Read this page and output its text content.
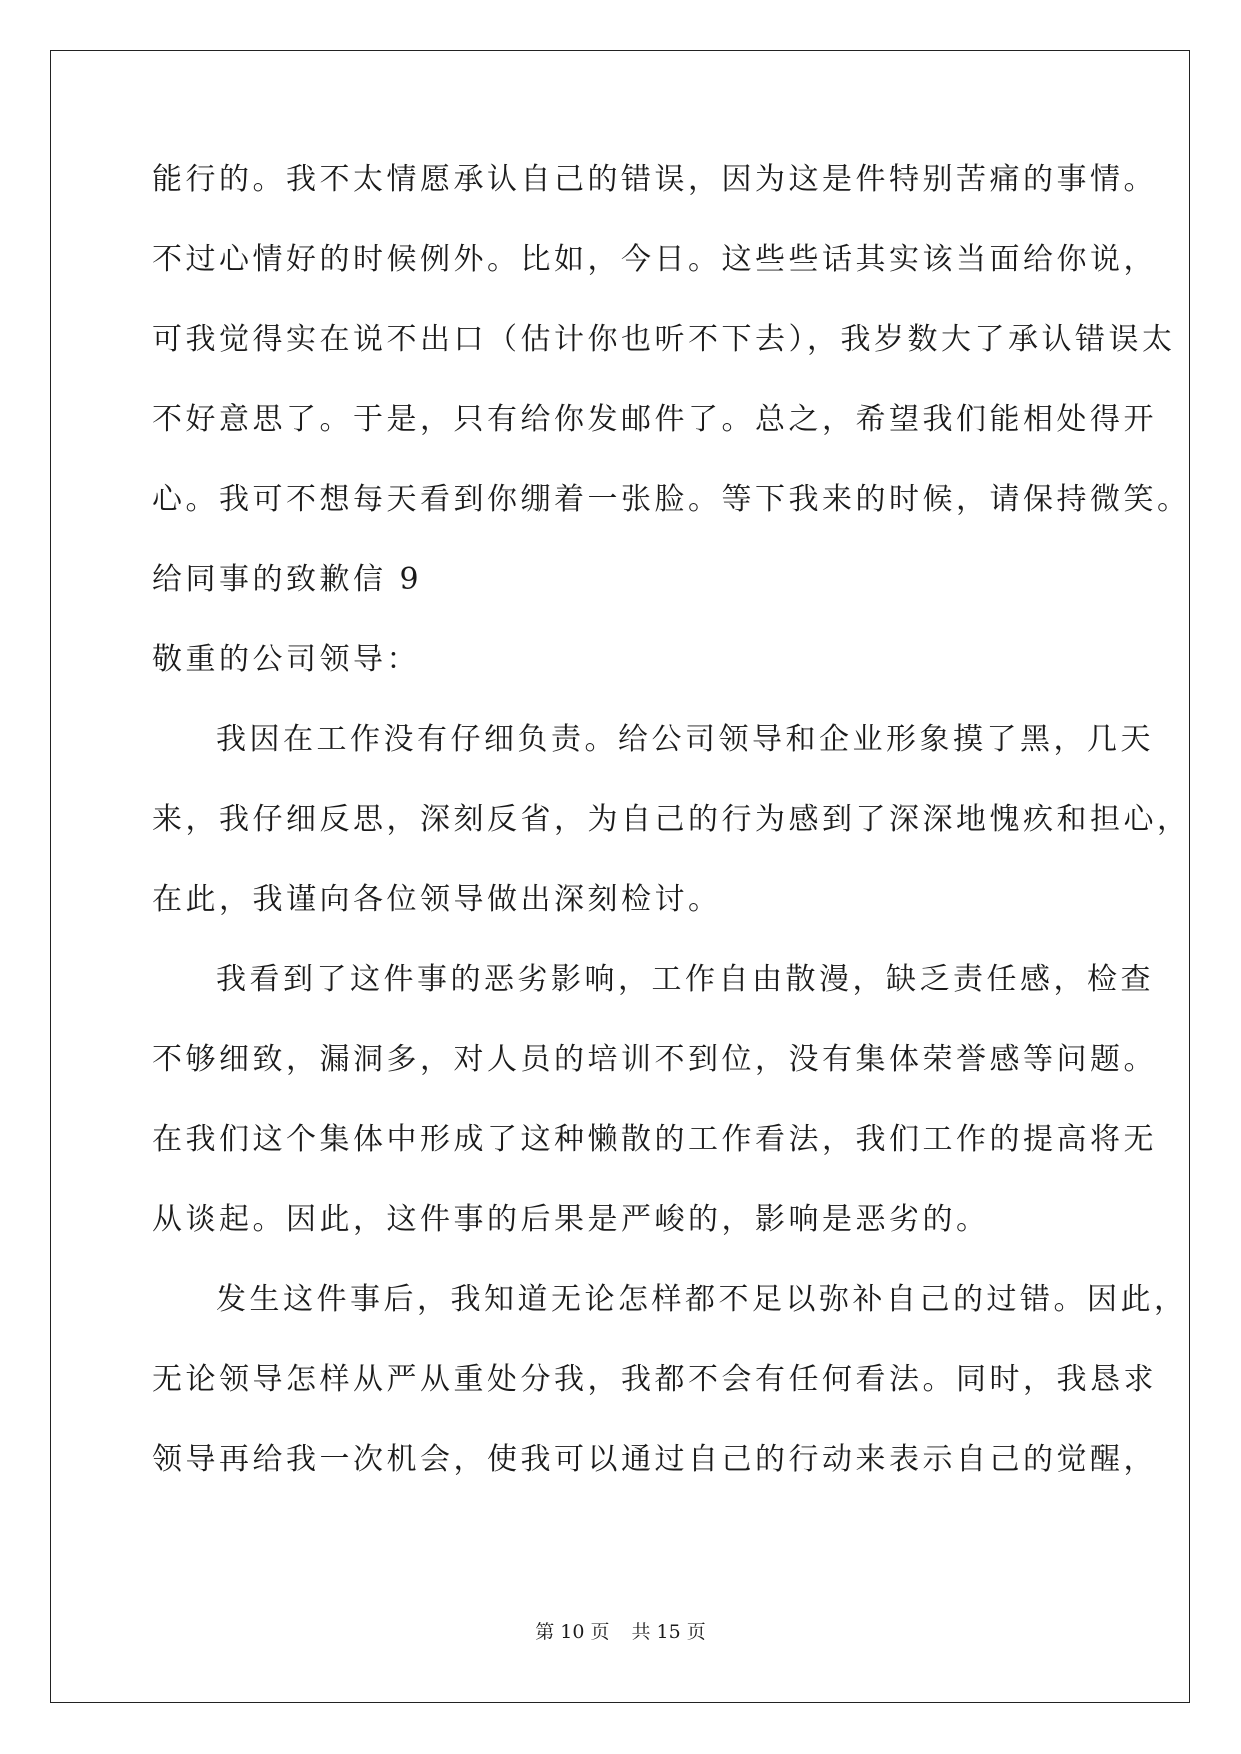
能行的。我不太情愿承认自己的错误，因为这是件特别苦痛的事情。
不过心情好的时候例外。比如，今日。这些些话其实该当面给你说，
可我觉得实在说不出口（估计你也听不下去），我岁数大了承认错误太
不好意思了。于是，只有给你发邮件了。总之，希望我们能相处得开
心。我可不想每天看到你绷着一张脸。等下我来的时候，请保持微笑。
给同事的致歉信 9
敬重的公司领导：
我因在工作没有仔细负责。给公司领导和企业形象摸了黑，几天
来，我仔细反思，深刻反省，为自己的行为感到了深深地愧疚和担心，
在此，我谨向各位领导做出深刻检讨。
我看到了这件事的恶劣影响，工作自由散漫，缺乏责任感，检查
不够细致，漏洞多，对人员的培训不到位，没有集体荣誉感等问题。
在我们这个集体中形成了这种懒散的工作看法，我们工作的提高将无
从谈起。因此，这件事的后果是严峻的，影响是恶劣的。
发生这件事后，我知道无论怎样都不足以弥补自己的过错。因此，
无论领导怎样从严从重处分我，我都不会有任何看法。同时，我恳求
领导再给我一次机会，使我可以通过自己的行动来表示自己的觉醒，
第 10 页 共 15 页
